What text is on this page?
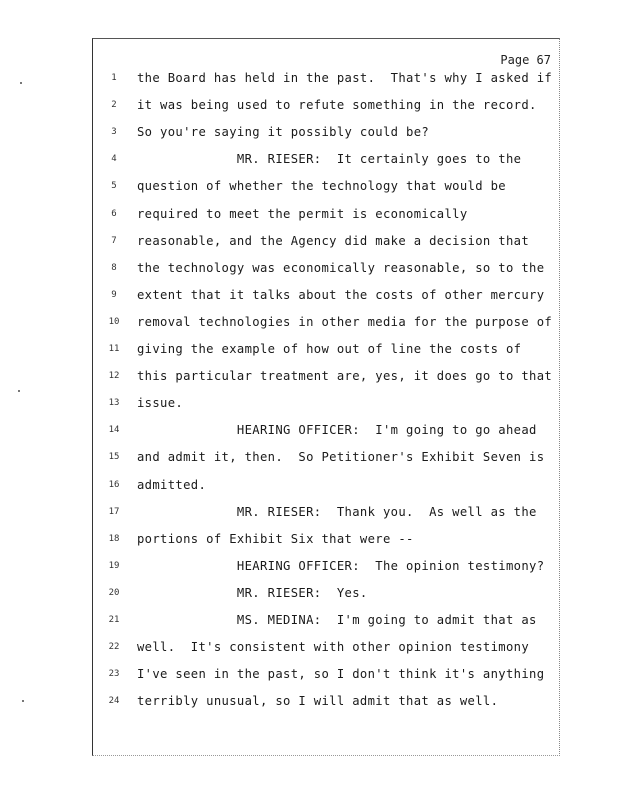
Page 67
1	the Board has held in the past.  That's why I asked if
2	it was being used to refute something in the record.
3	So you're saying it possibly could be?
4	MR. RIESER:  It certainly goes to the
5	question of whether the technology that would be
6	required to meet the permit is economically
7	reasonable, and the Agency did make a decision that
8	the technology was economically reasonable, so to the
9	extent that it talks about the costs of other mercury
10	removal technologies in other media for the purpose of
11	giving the example of how out of line the costs of
12	this particular treatment are, yes, it does go to that
13	issue.
14	HEARING OFFICER:  I'm going to go ahead
15	and admit it, then.  So Petitioner's Exhibit Seven is
16	admitted.
17	MR. RIESER:  Thank you.  As well as the
18	portions of Exhibit Six that were --
19	HEARING OFFICER:  The opinion testimony?
20	MR. RIESER:  Yes.
21	MS. MEDINA:  I'm going to admit that as
22	well.  It's consistent with other opinion testimony
23	I've seen in the past, so I don't think it's anything
24	terribly unusual, so I will admit that as well.
